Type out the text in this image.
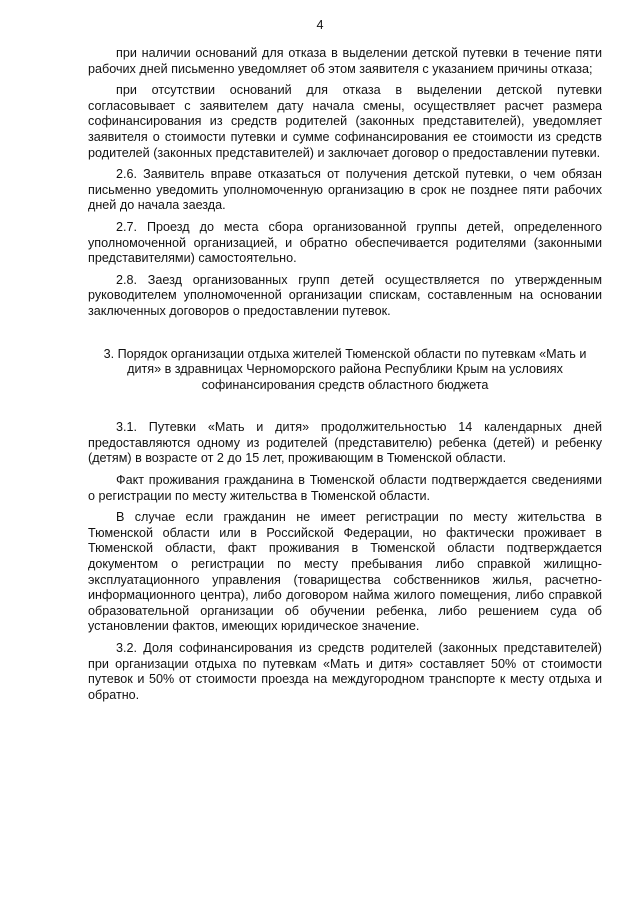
4

при наличии оснований для отказа в выделении детской путевки в течение пяти рабочих дней письменно уведомляет об этом заявителя с указанием причины отказа;

при отсутствии оснований для отказа в выделении детской путевки согласовывает с заявителем дату начала смены, осуществляет расчет размера софинансирования из средств родителей (законных представителей), уведомляет заявителя о стоимости путевки и сумме софинансирования ее стоимости из средств родителей (законных представителей) и заключает договор о предоставлении путевки.

2.6. Заявитель вправе отказаться от получения детской путевки, о чем обязан письменно уведомить уполномоченную организацию в срок не позднее пяти рабочих дней до начала заезда.

2.7. Проезд до места сбора организованной группы детей, определенного уполномоченной организацией, и обратно обеспечивается родителями (законными представителями) самостоятельно.

2.8. Заезд организованных групп детей осуществляется по утвержденным руководителем уполномоченной организации спискам, составленным на основании заключенных договоров о предоставлении путевок.

3. Порядок организации отдыха жителей Тюменской области по путевкам «Мать и дитя» в здравницах Черноморского района Республики Крым на условиях софинансирования средств областного бюджета

3.1. Путевки «Мать и дитя» продолжительностью 14 календарных дней предоставляются одному из родителей (представителю) ребенка (детей) и ребенку (детям) в возрасте от 2 до 15 лет, проживающим в Тюменской области.

Факт проживания гражданина в Тюменской области подтверждается сведениями о регистрации по месту жительства в Тюменской области.

В случае если гражданин не имеет регистрации по месту жительства в Тюменской области или в Российской Федерации, но фактически проживает в Тюменской области, факт проживания в Тюменской области подтверждается документом о регистрации по месту пребывания либо справкой жилищно-эксплуатационного управления (товарищества собственников жилья, расчетно-информационного центра), либо договором найма жилого помещения, либо справкой образовательной организации об обучении ребенка, либо решением суда об установлении фактов, имеющих юридическое значение.

3.2. Доля софинансирования из средств родителей (законных представителей) при организации отдыха по путевкам «Мать и дитя» составляет 50% от стоимости путевок и 50% от стоимости проезда на междугородном транспорте к месту отдыха и обратно.
